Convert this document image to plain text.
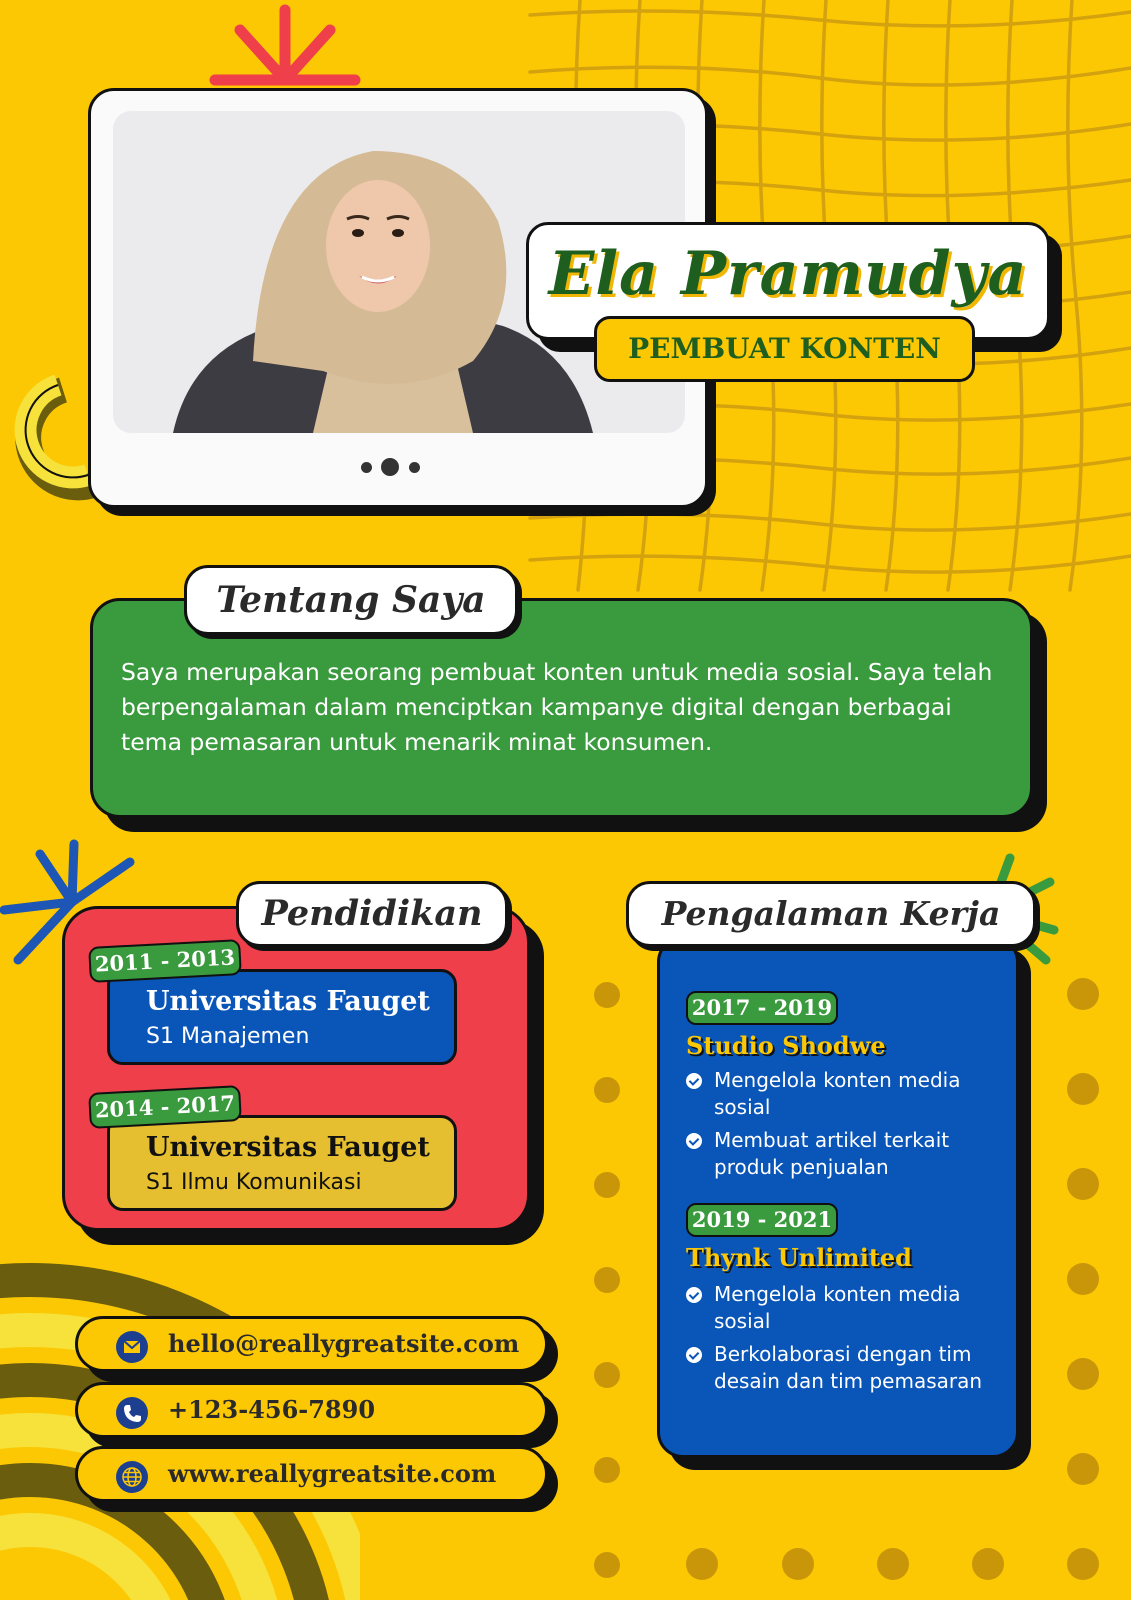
Ela Pramudya
PEMBUAT KONTEN

Saya merupakan seorang pembuat konten untuk media sosial. Saya telah berpengalaman dalam menciptkan kampanye digital dengan berbagai tema pemasaran untuk menarik minat konsumen.

Tentang Saya
Universitas Fauget
S1 Manajemen
Universitas Fauget
S1 Ilmu Komunikasi
2011 - 2013
2014 - 2017
Pendidikan
2017 - 2019
Studio Shodwe
Mengelola konten media sosial
Membuat artikel terkait produk penjualan
2019 - 2021
Thynk Unlimited
Mengelola konten media sosial
Berkolaborasi dengan tim desain dan tim pemasaran
Pengalaman Kerja
hello@reallygreatsite.com
+123-456-7890
www.reallygreatsite.com
